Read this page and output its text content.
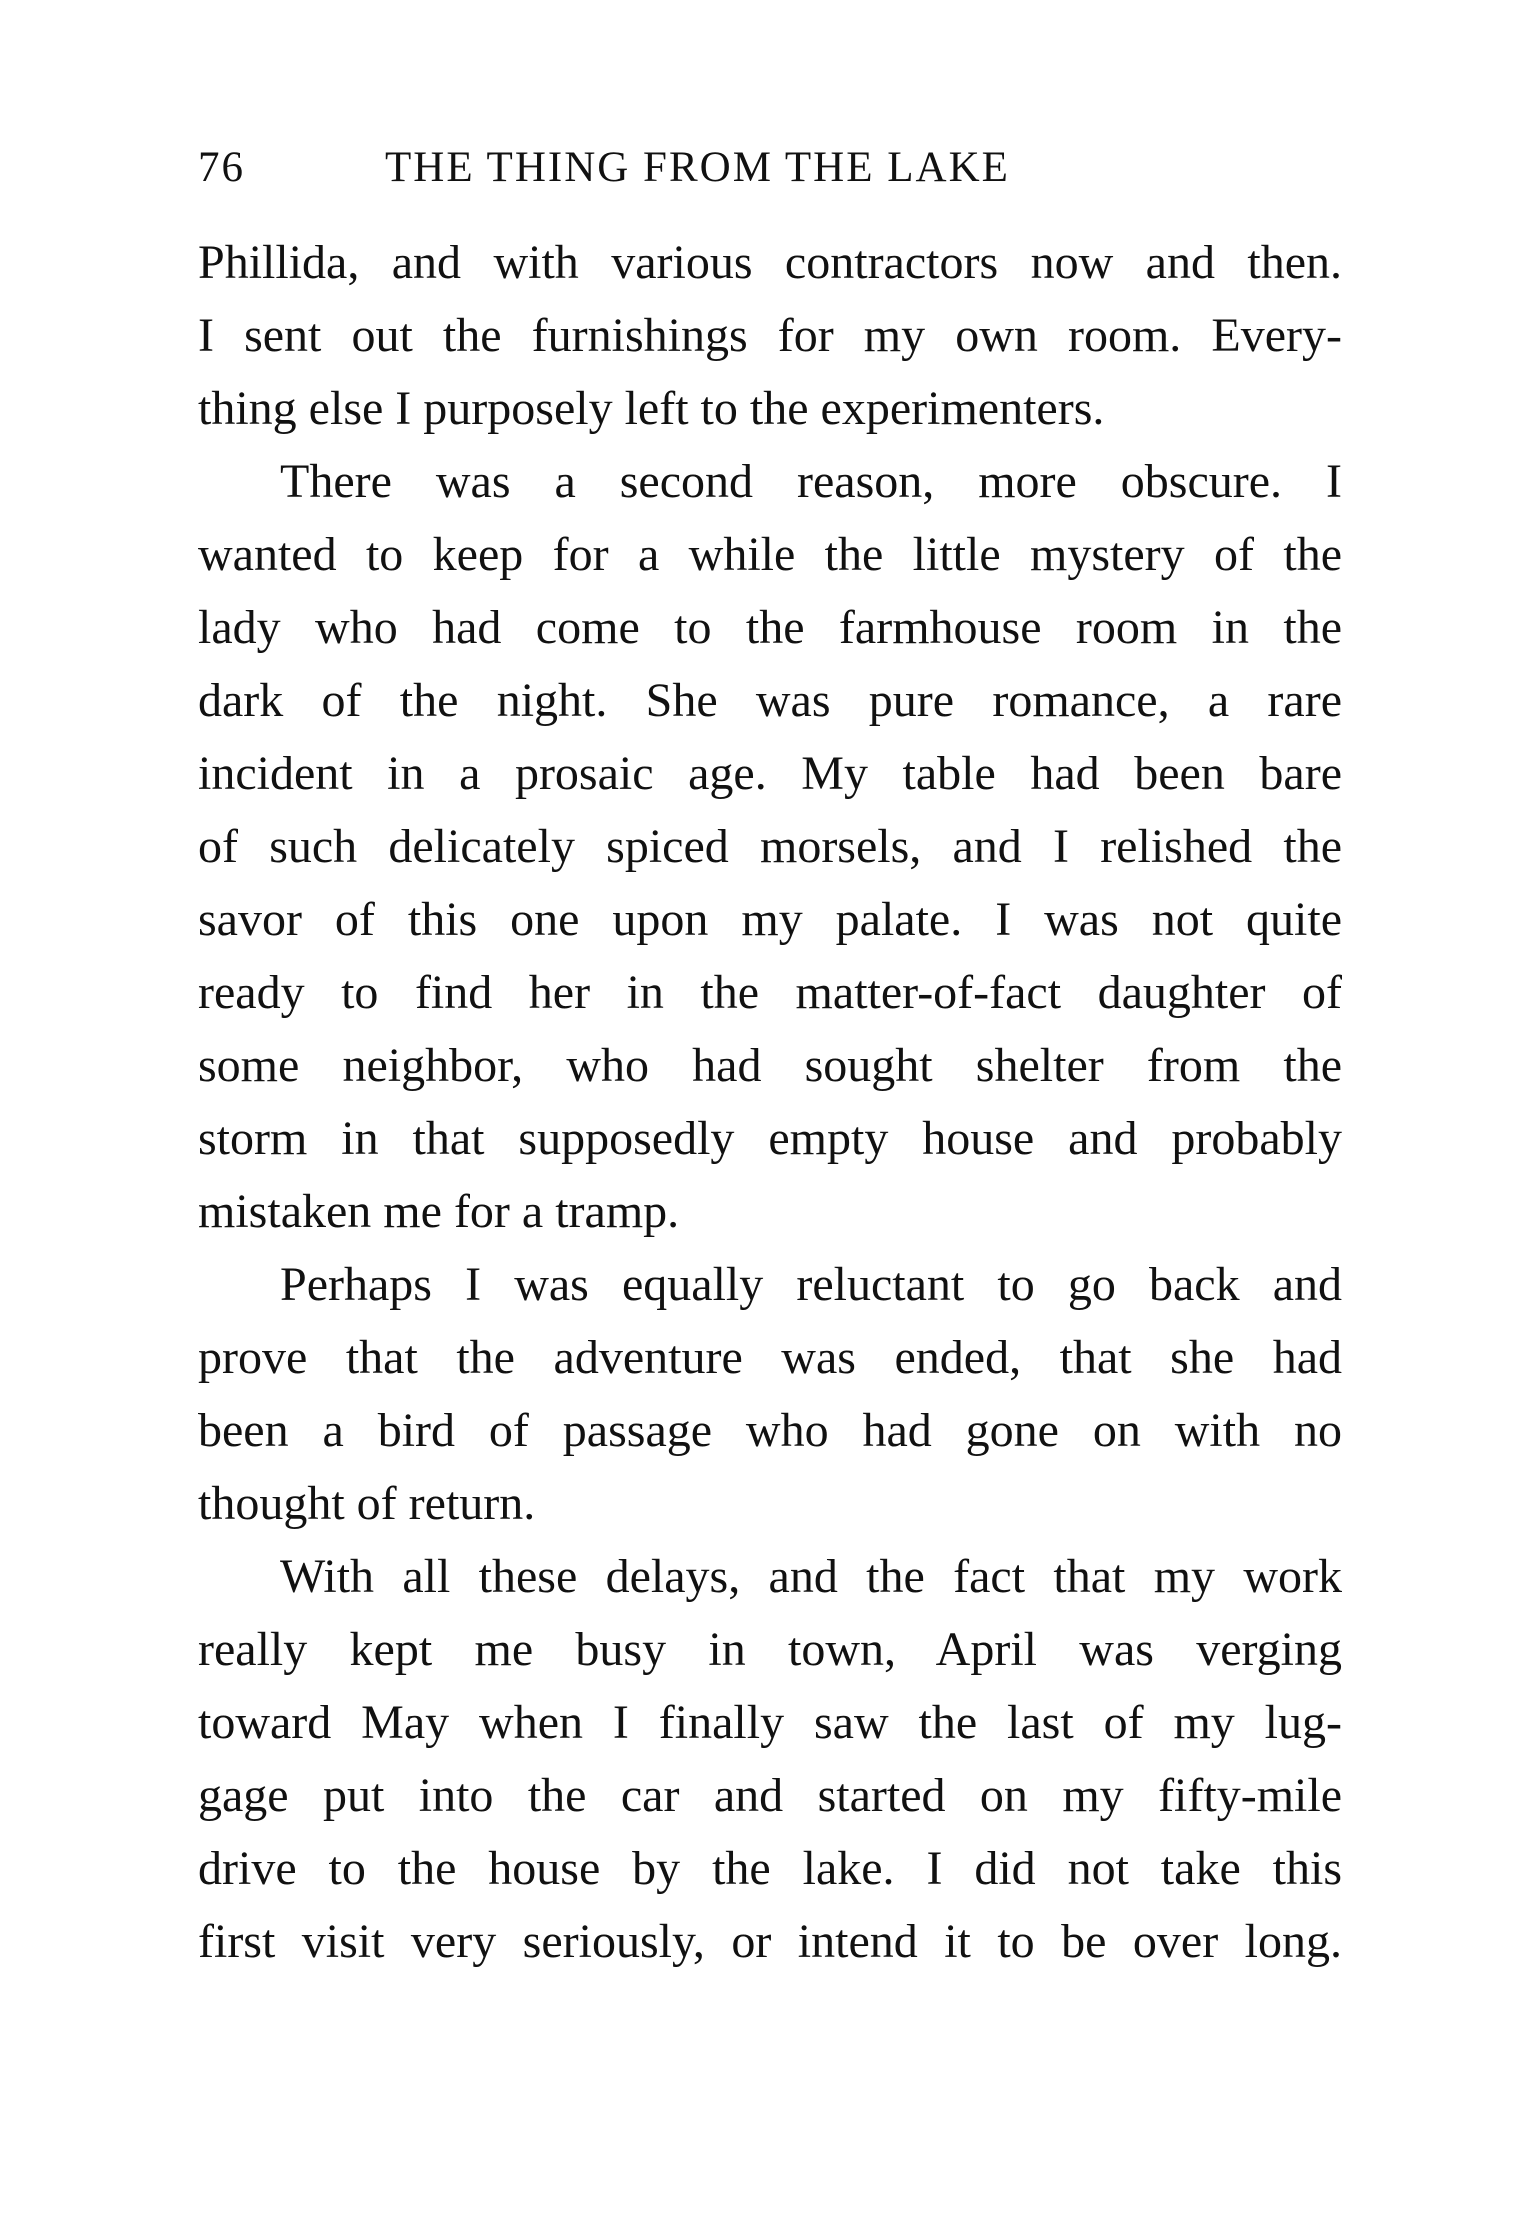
76	THE THING FROM THE LAKE
Phillida, and with various contractors now and then.
I sent out the furnishings for my own room. Every-
thing else I purposely left to the experimenters.
There was a second reason, more obscure. I
wanted to keep for a while the little mystery of the
lady who had come to the farmhouse room in the
dark of the night. She was pure romance, a rare
incident in a prosaic age. My table had been bare
of such delicately spiced morsels, and I relished the
savor of this one upon my palate. I was not quite
ready to find her in the matter-of-fact daughter of
some neighbor, who had sought shelter from the
storm in that supposedly empty house and probably
mistaken me for a tramp.
Perhaps I was equally reluctant to go back and
prove that the adventure was ended, that she had
been a bird of passage who had gone on with no
thought of return.
With all these delays, and the fact that my work
really kept me busy in town, April was verging
toward May when I finally saw the last of my lug-
gage put into the car and started on my fifty-mile
drive to the house by the lake. I did not take this
first visit very seriously, or intend it to be over long.
